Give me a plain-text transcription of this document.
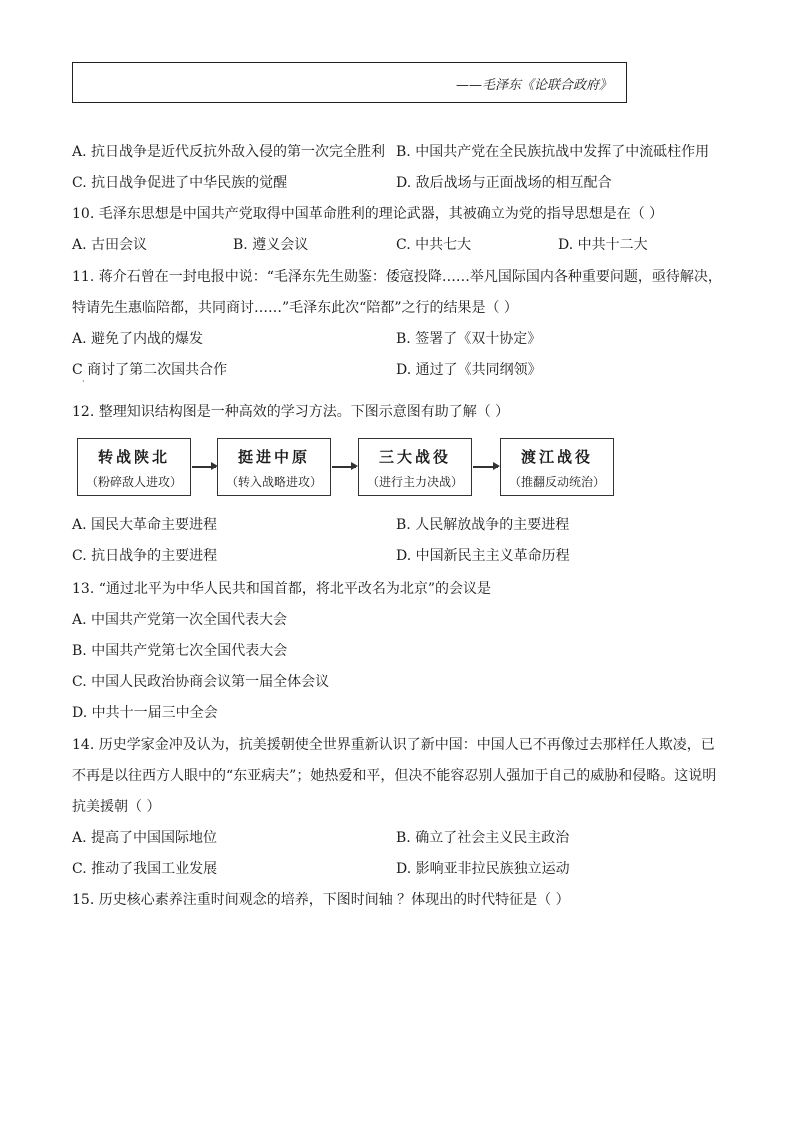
——毛泽东《论联合政府》
A. 抗日战争是近代反抗外敌入侵的第一次完全胜利 B. 中国共产党在全民族抗战中发挥了中流砥柱作用
C. 抗日战争促进了中华民族的觉醒	D. 敌后战场与正面战场的相互配合
10. 毛泽东思想是中国共产党取得中国革命胜利的理论武器，其被确立为党的指导思想是在（ ）
A. 古田会议	B. 遵义会议	C. 中共七大	D. 中共十二大
11. 蒋介石曾在一封电报中说：“毛泽东先生勋鉴：倭寇投降……举凡国际国内各种重要问题，亟待解决，
特请先生惠临陪都，共同商讨……”毛泽东此次“陪都”之行的结果是（ ）
A. 避免了内战的爆发	B. 签署了《双十协定》
C 商讨了第二次国共合作	D. 通过了《共同纲领》
·
12. 整理知识结构图是一种高效的学习方法。下图示意图有助了解（ ）
转战陕北
（粉碎敌人进攻）
挺进中原
（转入战略进攻）
三大战役
（进行主力决战）
渡江战役
（推翻反动统治）
A. 国民大革命主要进程	B. 人民解放战争的主要进程
C. 抗日战争的主要进程	D. 中国新民主主义革命历程
13. “通过北平为中华人民共和国首都，将北平改名为北京”的会议是
A. 中国共产党第一次全国代表大会
B. 中国共产党第七次全国代表大会
C. 中国人民政治协商会议第一届全体会议
D. 中共十一届三中全会
14. 历史学家金冲及认为，抗美援朝使全世界重新认识了新中国：中国人已不再像过去那样任人欺凌，已
不再是以往西方人眼中的“东亚病夫”；她热爱和平，但决不能容忍别人强加于自己的威胁和侵略。这说明
抗美援朝（ ）
A. 提高了中国国际地位	B. 确立了社会主义民主政治
C. 推动了我国工业发展	D. 影响亚非拉民族独立运动
15. 历史核心素养注重时间观念的培养，下图时间轴 ？体现出的时代特征是（ ）
